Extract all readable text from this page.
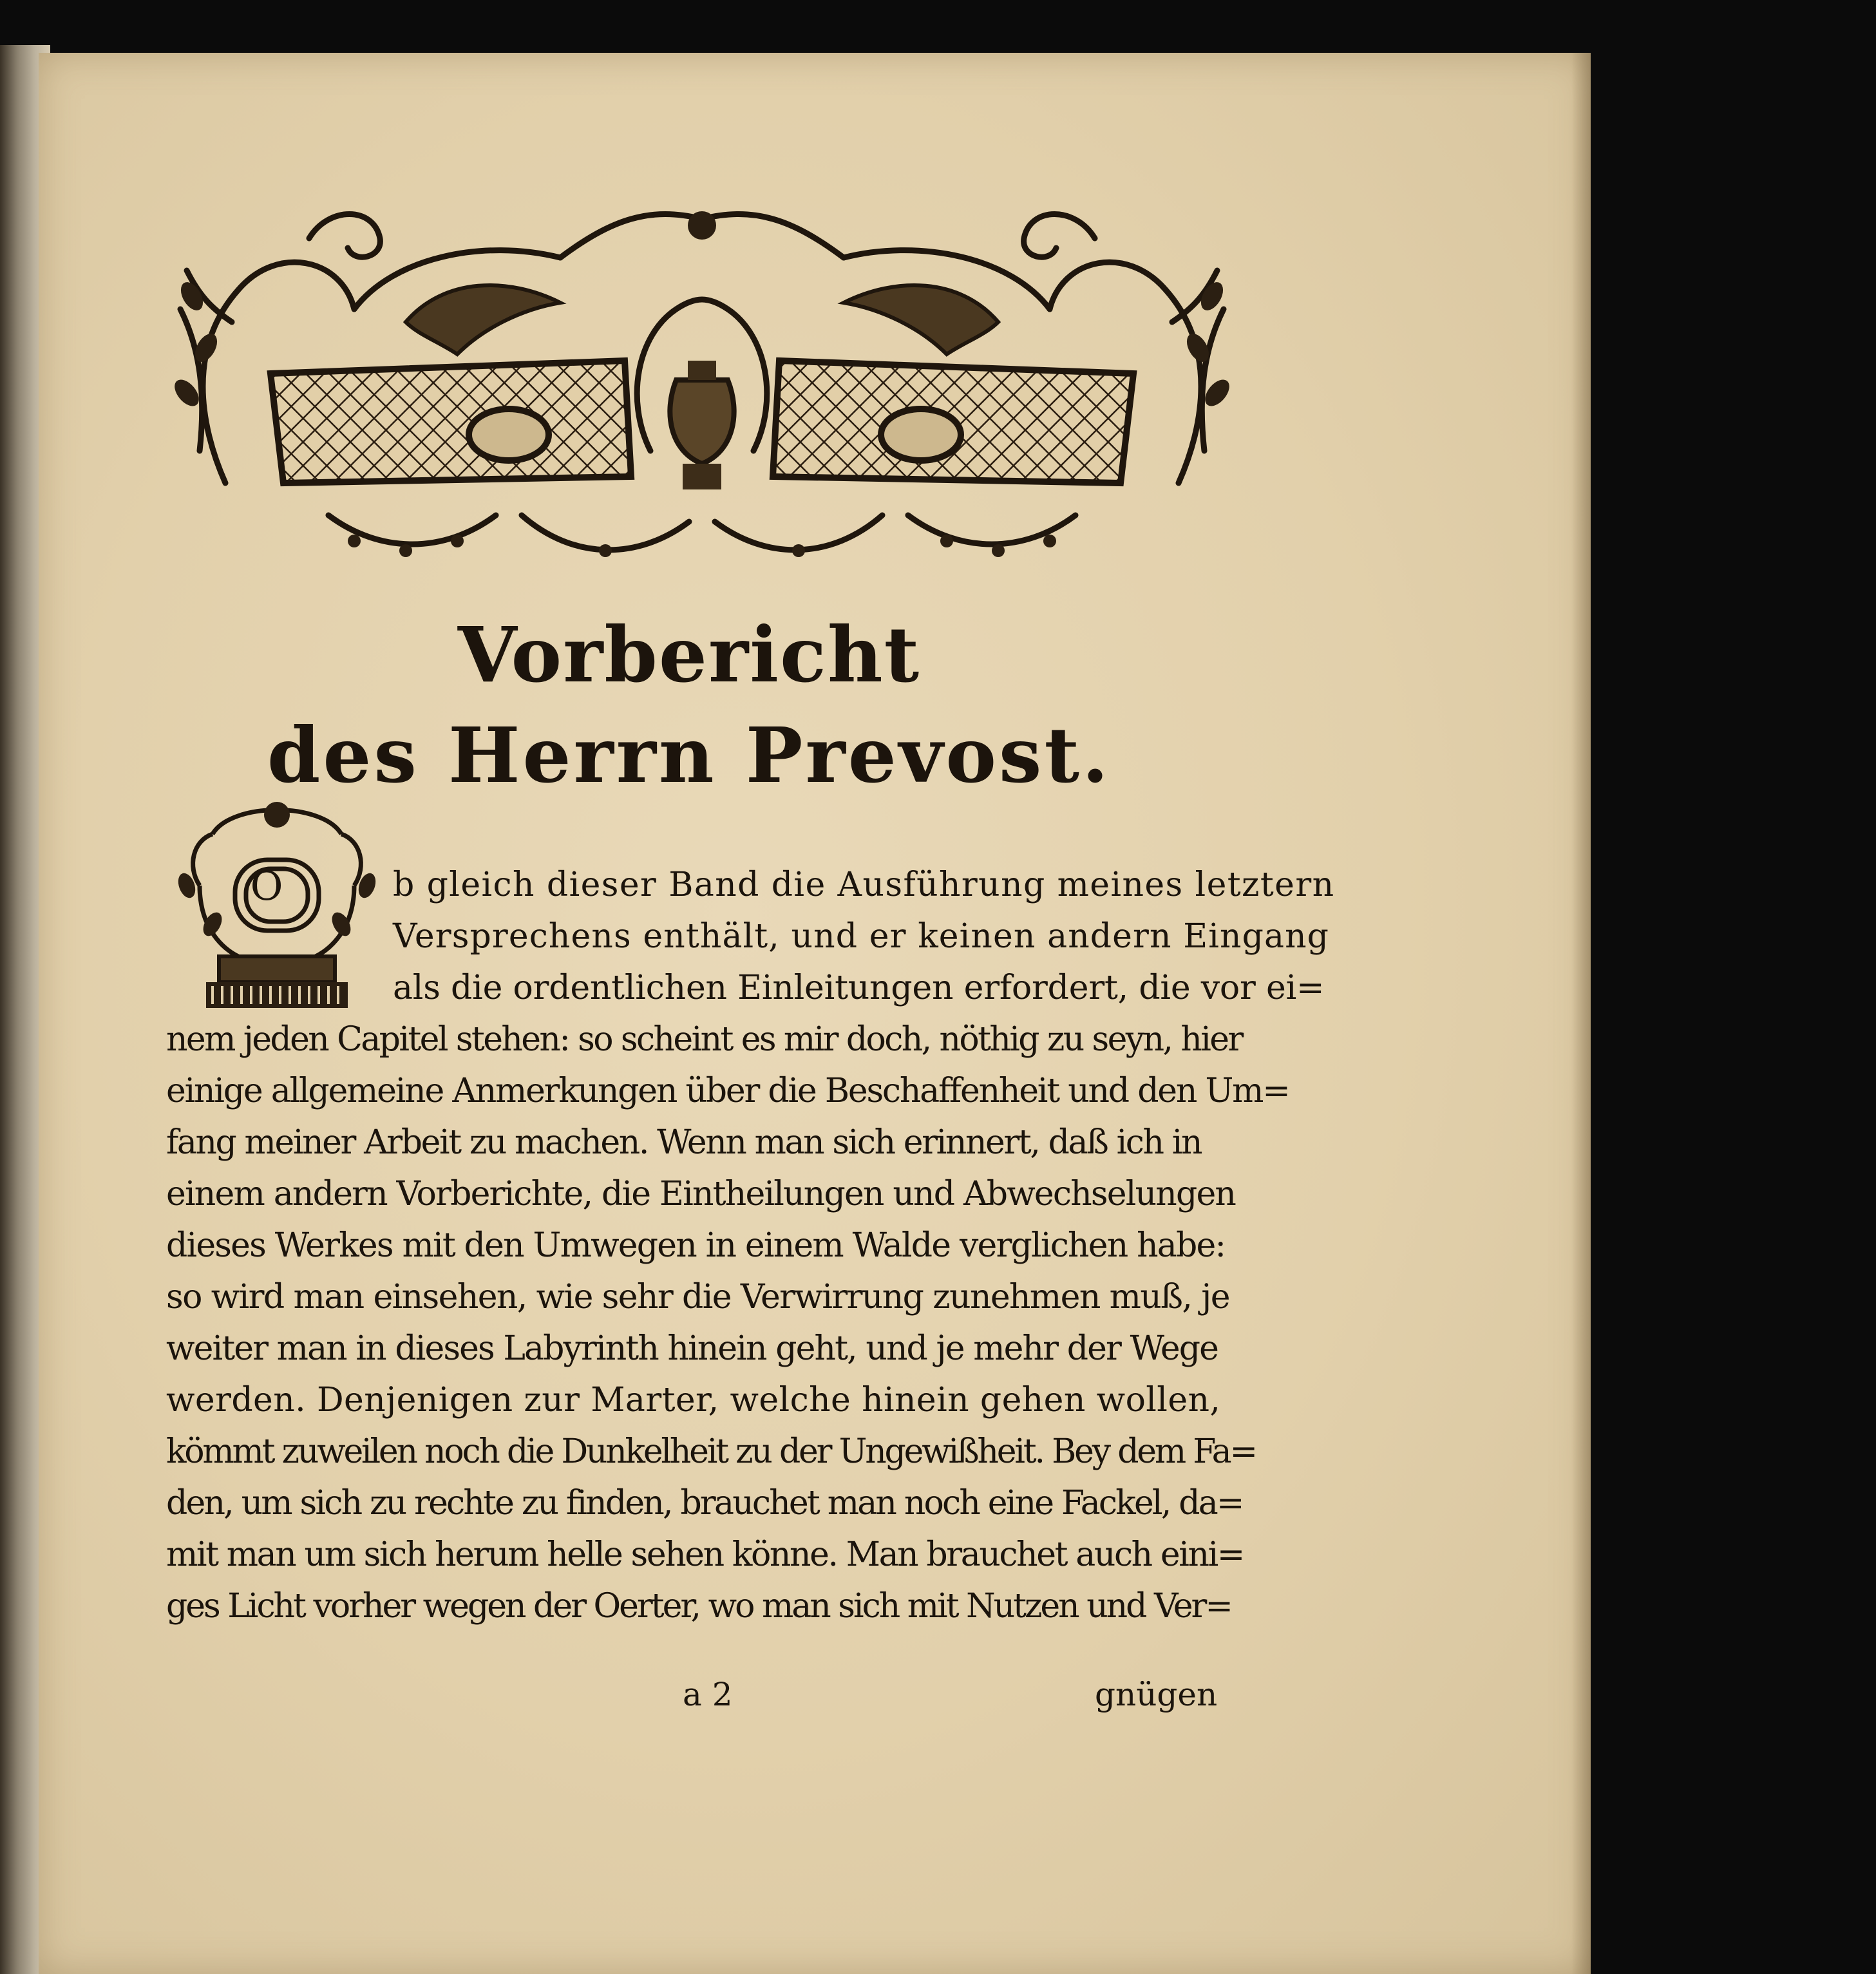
Vorbericht
des Herrn Prevost.
O	b gleich dieser Band die Ausführung meines letztern
Versprechens enthält, und er keinen andern Eingang
als die ordentlichen Einleitungen erfordert, die vor ei=
nem jeden Capitel stehen: so scheint es mir doch, nöthig zu seyn, hier
einige allgemeine Anmerkungen über die Beschaffenheit und den Um=
fang meiner Arbeit zu machen. Wenn man sich erinnert, daß ich in
einem andern Vorberichte, die Eintheilungen und Abwechselungen
dieses Werkes mit den Umwegen in einem Walde verglichen habe:
so wird man einsehen, wie sehr die Verwirrung zunehmen muß, je
weiter man in dieses Labyrinth hinein geht, und je mehr der Wege
werden. Denjenigen zur Marter, welche hinein gehen wollen,
kömmt zuweilen noch die Dunkelheit zu der Ungewißheit. Bey dem Fa=
den, um sich zu rechte zu finden, brauchet man noch eine Fackel, da=
mit man um sich herum helle sehen könne. Man brauchet auch eini=
ges Licht vorher wegen der Oerter, wo man sich mit Nutzen und Ver=
a 2	gnügen
